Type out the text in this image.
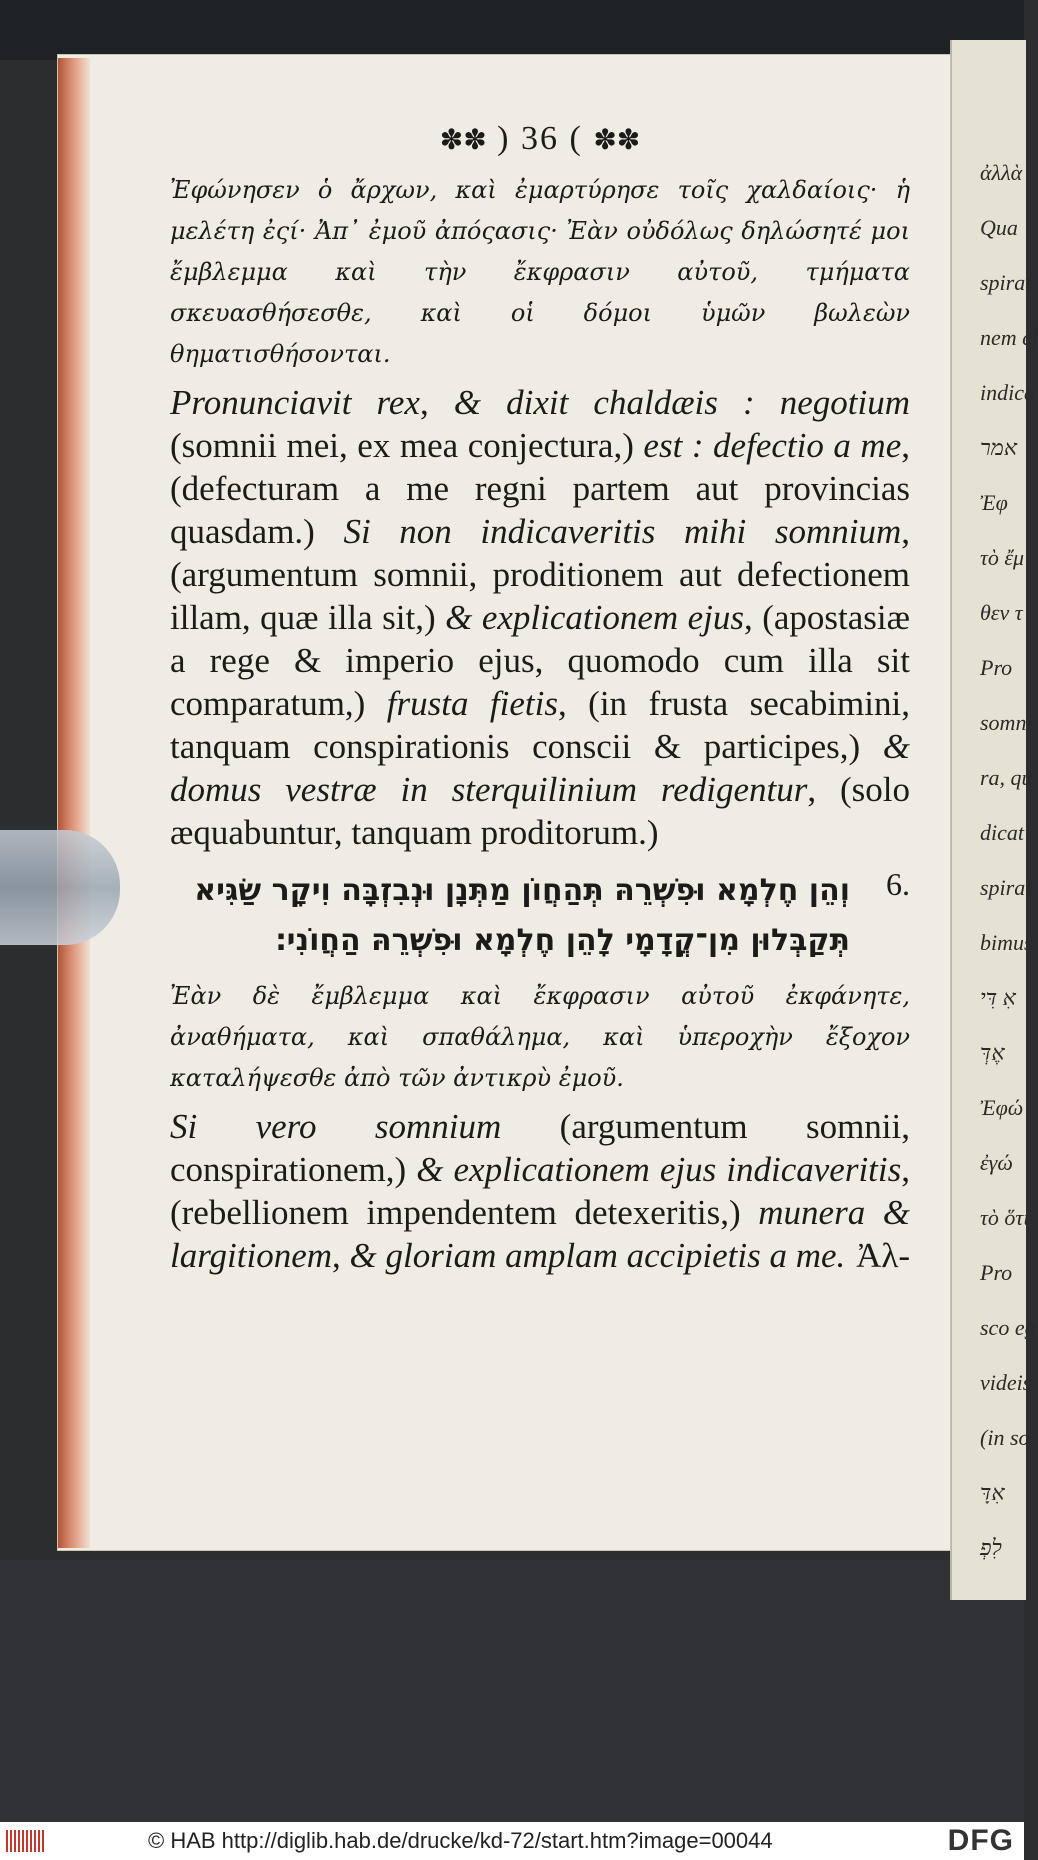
ἀλλὰ
Qua
spirat
nem ej
indica
אמר
Ἐφ
τὸ ἔμ
θεν τ
Pro
somni
ra, qu
dicat
spirat
bimus
אִ דִּי
אֶדְּ
Ἐφώ
ἐγώ
τὸ ὅτι
Pro
sco eg
videis
(in so
אִדָּ
לִפְ
✽✽ ) 36 ( ✽✽
Ἐφώνησεν ὁ ἄρχων, καὶ ἐμαρτύρησε τοῖς χαλδαίοις· ἡ μελέτη ἐςί· Ἀπ᾽ ἐμοῦ ἀπόςασις· Ἐὰν οὐδόλως δηλώσητέ μοι ἔμβλεμμα καὶ τὴν ἔκφρασιν αὐτοῦ, τμήματα σκευασθήσεσθε, καὶ οἱ δόμοι ὑμῶν βωλεὼν θηματισθήσονται.
Pronunciavit rex, & dixit chaldæis : negotium (somnii mei, ex mea conjectura,) est : defectio a me, (defecturam a me regni partem aut provincias quasdam.) Si non indicaveritis mihi somnium, (argumentum somnii, proditionem aut defectionem illam, quæ illa sit,) & explicationem ejus, (apostasiæ a rege & imperio ejus, quomodo cum illa sit comparatum,) frusta fietis, (in frusta secabimini, tanquam conspirationis conscii & participes,) & domus vestræ in sterquilinium redigentur, (solo æquabuntur, tanquam proditorum.)
6.
וְהֵן חֶלְמָא וּפִשְׁרֵהּ תְּהַחֲוֹן מַתְּנָן וּנְבִזְבָּה וִיקָר שַׂגִּיא תְּקַבְּלוּן מִן־קֳדָמָי לָהֵן חֶלְמָא וּפִשְׁרֵהּ הַחֲוֹנִי׃
Ἐὰν δὲ ἔμβλεμμα καὶ ἔκφρασιν αὐτοῦ ἐκφάνητε, ἀναθήματα, καὶ σπαθάλημα, καὶ ὑπεροχὴν ἔξοχον καταλήψεσθε ἀπὸ τῶν ἀντικρὺ ἐμοῦ.
Si vero somnium (argumentum somnii, conspirationem,) & explicationem ejus indicaveritis, (rebellionem impendentem detexeritis,) munera & largitionem, & gloriam amplam accipietis a me. Ἀλ-
© HAB http://diglib.hab.de/drucke/kd-72/start.htm?image=00044	DFG
